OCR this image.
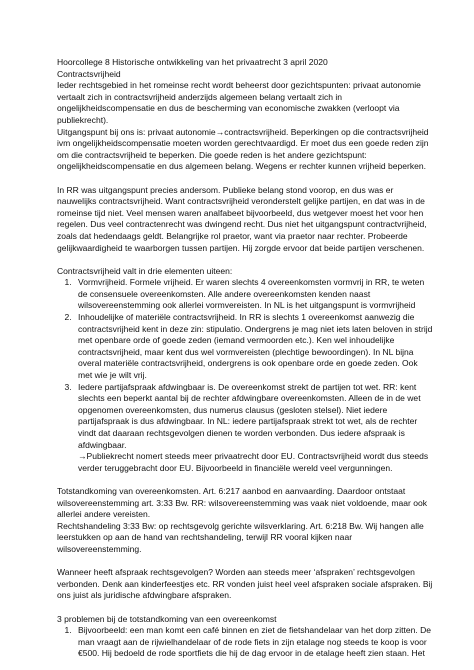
Hoorcollege 8 Historische ontwikkeling van het privaatrecht 3 april 2020

Contractsvrijheid

Ieder rechtsgebied in het romeinse recht wordt beheerst door gezichtspunten: privaat autonomie vertaalt zich in contractsvrijheid anderzijds algemeen belang vertaalt zich in ongelijkheidscompensatie en dus de bescherming van economische zwakken (verloopt via publiekrecht).

Uitgangspunt bij ons is: privaat autonomie→contractsvrijheid. Beperkingen op die contractsvrijheid ivm ongelijkheidscompensatie moeten worden gerechtvaardigd. Er moet dus een goede reden zijn om die contractsvrijheid te beperken. Die goede reden is het andere gezichtspunt: ongelijkheidscompensatie en dus algemeen belang. Wegens er rechter kunnen vrijheid beperken.

In RR was uitgangspunt precies andersom. Publieke belang stond voorop, en dus was er nauwelijks contractsvrijheid. Want contractsvrijheid veronderstelt gelijke partijen, en dat was in de romeinse tijd niet. Veel mensen waren analfabeet bijvoorbeeld, dus wetgever moest het voor hen regelen. Dus veel contractenrecht was dwingend recht. Dus niet het uitgangspunt contractvrijheid, zoals dat hedendaags geldt. Belangrijke rol praetor, want via praetor naar rechter. Probeerde gelijkwaardigheid te waarborgen tussen partijen. Hij zorgde ervoor dat beide partijen verschenen.

Contractsvrijheid valt in drie elementen uiteen:

1. Vormvrijheid. Formele vrijheid. Er waren slechts 4 overeenkomsten vormvrij in RR, te weten de consensuele overeenkomsten. Alle andere overeenkomsten kenden naast wilsovereenstemming ook allerlei vormvereisten. In NL is het uitgangspunt is vormvrijheid
2. Inhoudelijke of materiële contractsvrijheid. In RR is slechts 1 overeenkomst aanwezig die contractsvrijheid kent in deze zin: stipulatio. Ondergrens je mag niet iets laten beloven in strijd met openbare orde of goede zeden (iemand vermoorden etc.). Ken wel inhoudelijke contractsvrijheid, maar kent dus wel vormvereisten (plechtige bewoordingen). In NL bijna overal materiële contractsvrijheid, ondergrens is ook openbare orde en goede zeden. Ook met wie je wilt vrij.
3. Iedere partijafspraak afdwingbaar is. De overeenkomst strekt de partijen tot wet. RR: kent slechts een beperkt aantal bij de rechter afdwingbare overeenkomsten. Alleen de in de wet opgenomen overeenkomsten, dus numerus clausus (gesloten stelsel). Niet iedere partijafspraak is dus afdwingbaar. In NL: iedere partijafspraak strekt tot wet, als de rechter vindt dat daaraan rechtsgevolgen dienen te worden verbonden. Dus iedere afspraak is afdwingbaar.

→Publiekrecht nomert steeds meer privaatrecht door EU. Contractsvrijheid wordt dus steeds verder teruggebracht door EU. Bijvoorbeeld in financiële wereld veel vergunningen.

Totstandkoming van overeenkomsten. Art. 6:217 aanbod en aanvaarding. Daardoor ontstaat wilsovereenstemming art. 3:33 Bw. RR: wilsovereenstemming was vaak niet voldoende, maar ook allerlei andere vereisten.

Rechtshandeling 3:33 Bw: op rechtsgevolg gerichte wilsverklaring. Art. 6:218 Bw. Wij hangen alle leerstukken op aan de hand van rechtshandeling, terwijl RR vooral kijken naar wilsovereenstemming.

Wanneer heeft afspraak rechtsgevolgen? Worden aan steeds meer ‘afspraken’ rechtsgevolgen verbonden. Denk aan kinderfeestjes etc. RR vonden juist heel veel afspraken sociale afspraken. Bij ons juist als juridische afdwingbare afspraken.

3 problemen bij de totstandkoming van een overeenkomst

1. Bijvoorbeeld: een man komt een café binnen en ziet de fietshandelaar van het dorp zitten. De man vraagt aan de rijwielhandelaar of de rode fiets in zijn etalage nog steeds te koop is voor €500. Hij bedoeld de rode sportfiets die hij de dag ervoor in de etalage heeft zien staan. Het
